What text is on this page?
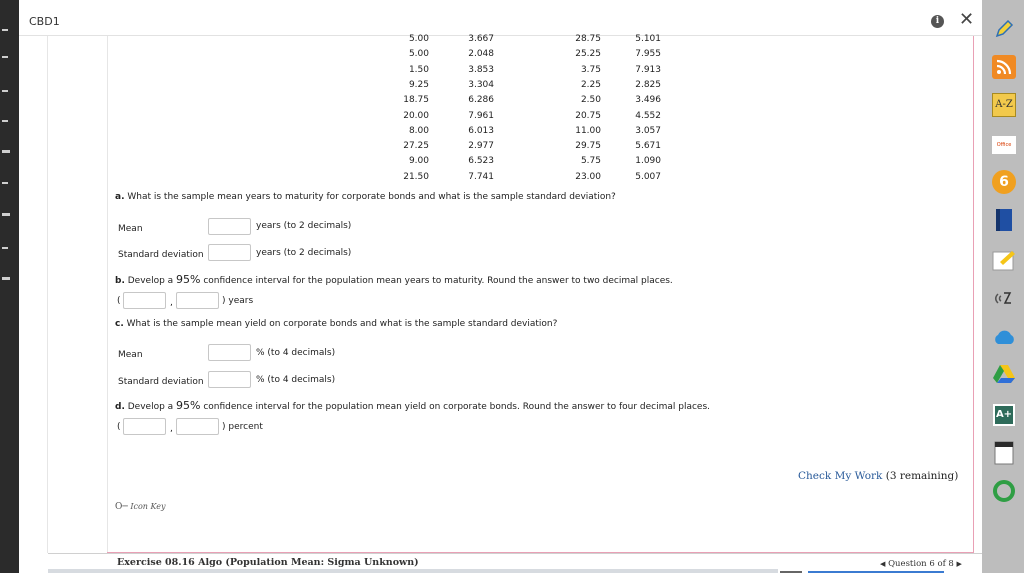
CBD1	i ✕
5.00	3.667	28.75	5.101
5.00	2.048	25.25	7.955
1.50	3.853	3.75	7.913
9.25	3.304	2.25	2.825
18.75	6.286	2.50	3.496
20.00	7.961	20.75	4.552
8.00	6.013	11.00	3.057
27.25	2.977	29.75	5.671
9.00	6.523	5.75	1.090
21.50	7.741	23.00	5.007
a. What is the sample mean years to maturity for corporate bonds and what is the sample standard deviation?
Mean	years (to 2 decimals)
Standard deviation	years (to 2 decimals)
b. Develop a 95% confidence interval for the population mean years to maturity. Round the answer to two decimal places.
(	,	) years
c. What is the sample mean yield on corporate bonds and what is the sample standard deviation?
Mean	% (to 4 decimals)
Standard deviation	% (to 4 decimals)
d. Develop a 95% confidence interval for the population mean yield on corporate bonds. Round the answer to four decimal places.
(	,	) percent
Check My Work (3 remaining)
O─ Icon Key
Exercise 08.16 Algo (Population Mean: Sigma Unknown)	◀ Question 6 of 8 ▶
A-Z
Office
6
A+
